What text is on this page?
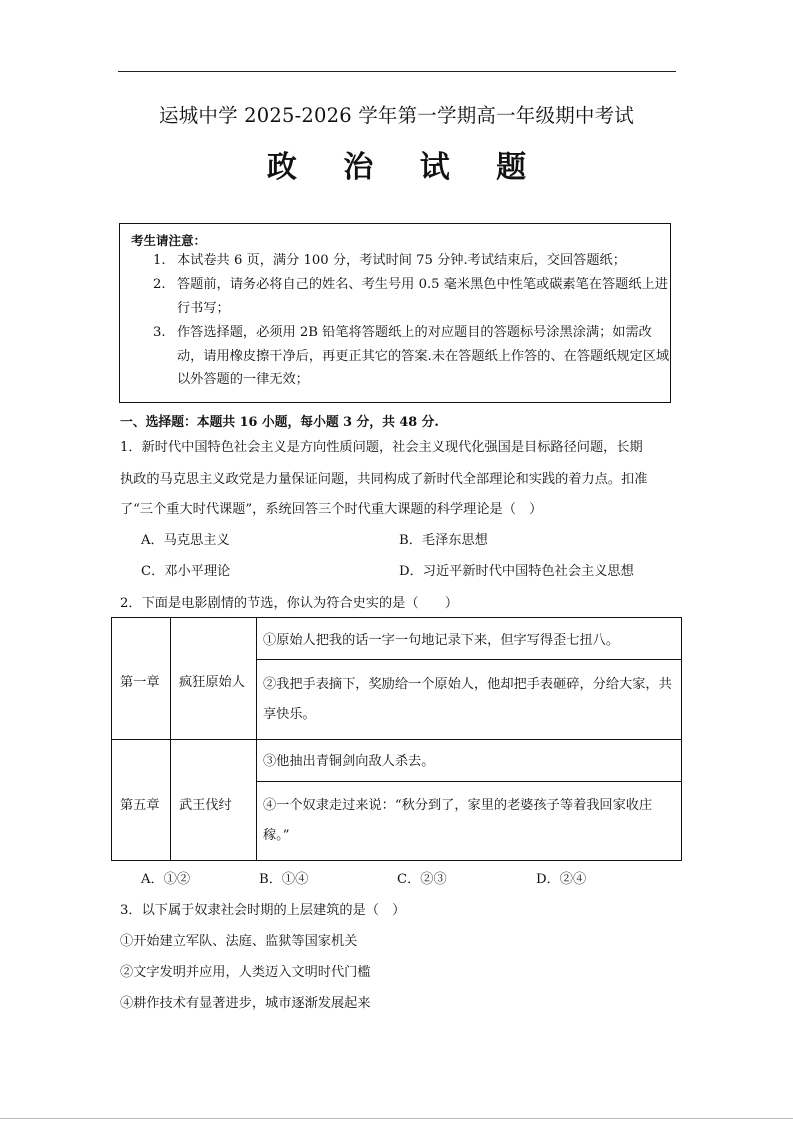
运城中学 2025-2026 学年第一学期高一年级期中考试
政 治 试 题
考生请注意：
1. 本试卷共 6 页，满分 100 分，考试时间 75 分钟.考试结束后，交回答题纸；
2. 答题前，请务必将自己的姓名、考生号用 0.5 毫米黑色中性笔或碳素笔在答题纸上进行书写；
3. 作答选择题，必须用 2B 铅笔将答题纸上的对应题目的答题标号涂黑涂满；如需改动，请用橡皮擦干净后，再更正其它的答案.未在答题纸上作答的、在答题纸规定区域以外答题的一律无效；
一、选择题：本题共 16 小题，每小题 3 分，共 48 分.
1．新时代中国特色社会主义是方向性质问题，社会主义现代化强国是目标路径问题，长期
执政的马克思主义政党是力量保证问题，共同构成了新时代全部理论和实践的着力点。扣准
了“三个重大时代课题”，系统回答三个时代重大课题的科学理论是（　）
A．马克思主义	B．毛泽东思想
C．邓小平理论	D．习近平新时代中国特色社会主义思想
2．下面是电影剧情的节选，你认为符合史实的是（　　）
第一章 疯狂原始人
①原始人把我的话一字一句地记录下来，但字写得歪七扭八。
②我把手表摘下，奖励给一个原始人，他却把手表砸碎，分给大家，共享快乐。
第五章 武王伐纣
③他抽出青铜剑向敌人杀去。
④一个奴隶走过来说：“秋分到了，家里的老婆孩子等着我回家收庄稼。”
A．①②	B．①④	C．②③	D．②④
3．以下属于奴隶社会时期的上层建筑的是（　）
①开始建立军队、法庭、监狱等国家机关
②文字发明并应用，人类迈入文明时代门槛
④耕作技术有显著进步，城市逐渐发展起来
